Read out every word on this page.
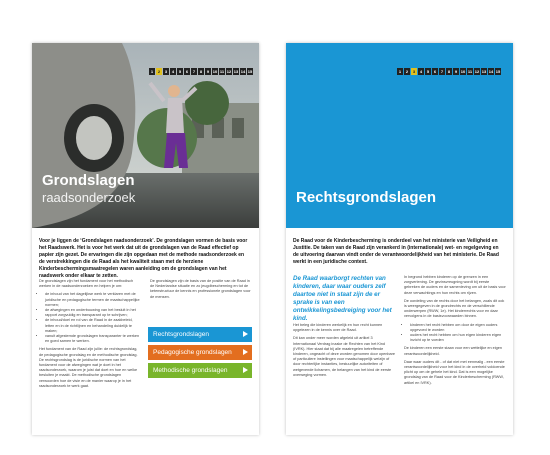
1	2	3	4	5	6	7	8	9 10 11 12 13 14 15
Grondslagen
raadsonderzoek
Voor je liggen de ‘Grondslagen raadsonderzoek’. De grondslagen vormen de basis voor het Raadswerk. Het is voor het werk dat uit de grondslagen van de Raad effectief op papier zijn gezet. De ervaringen die zijn opgedaan met de methode raadsonderzoek en de verstrekkingen die de Raad als het kwaliteit staan met de herziene Kinderbeschermingsmaatregelen waren aanleiding om de grondslagen van het raadswerk onder elkaar te zetten.

De grondslagen zijn het fundament voor het methodisch werken in de raadsonderzoeken en helpen je om:

• de inhoud van het dagelijkse werk te verklaren met de juridische en pedagogische termen de maatschappelijke normen;
• de afwegingen en onderbouwing van het besluit in het rapport zorgvuldig en transparant op te schrijven;
• de inhoud/doel en rol van de Raad in de zaakbeleid, letten en in de richtlijnen en behandeling duidelijk te maken;
• vanuit afgestemde grondslagen transparanter te werken en goed samen te werken.

Het fundament van de Raad zijn jullie: de rechtsgrondslag, de pedagogische grondslag en de methodische grondslag. De rechtsgrondslag is de juridische normen van het fundament voor de afwegingen wat je doet in het raadsonderzoek, waarom je juist dat doet en hoe en welke besluiten je maakt. De methodische grondslagen verwoorden hoe de visie en de manier waarop je in het raadsonderzoek te werk gaat.

De grondslagen zijn de basis van de positie van de Raad in de Nederlandse situatie en zo jeugdbescherming en tot de ketenstructuur de kennis en professionele grondslagen voor de mensen.

Rechtsgrondslagen
Pedagogische grondslagen
Methodische grondslagen
1	2	3	4	5	6	7	8	9 10 11 12 13 14 15
Rechtsgrondslagen
De Raad voor de Kinderbescherming is onderdeel van het ministerie van Veiligheid en Justitie. De taken van de Raad zijn verankerd in (internationale) wet- en regelgeving en de uitvoering daarvan vindt onder de verantwoordelijkheid van het ministerie. De Raad werkt in een juridische context.
De Raad waarborgt rechten van kinderen, daar waar ouders zelf daartoe niet in staat zijn de er sprake is van een ontwikkelingsbedreiging voor het kind.

Het beleg die kinderen werkelijk en hun recht kunnen opgelezen in de kennis over de Raad.

Dit kan onder meer worden afgeleid uit artikel 3 Internationaal Verdrag inzake de Rechten van het Kind (IVRK). Hier staat dat bij alle maatregelen betreffende kinderen, ongeacht of deze worden genomen door openbare of particuliere instellingen voor maatschappelijk welzijn of door rechterlijke instanties, bestuurlijke autoriteiten of wetgevende lichamen, de belangen van het kind de eerste overweging vormen.

In begrond hebben kinderen op de grenzen in een zorgverlening. De gezinsvreugning wordt bij eerste gebreken de ouders en de samenleving om uit de basis voor deze verwachtings en hun rechts om rijzen.

De oordeling van de rechts door het belangen, zoals dit ook is weergegeven in de grondrechts en de verschillende onderwerpen (RWW, 1e). Het kinderrechts voor en daar vervolgens in de basisvoorwaarden binnen.

• kinderen het recht hebben om door de eigen ouders opgevoed te worden
• ouders het recht hebben om hun eigen kinderen eigen inzicht op te voeden

De kinderen een eerste staan voor een wettelijke en eigen verantwoordelijkheid.

Daar waar ouders dit - of dat niet met eenmalig - een eerste verantwoordelijkheid voor het kind in de overheid voldoende plicht op om de gehele het kind. Dat is een mogelijke grondslag van de Raad voor de Kinderbescherming (RWW, artikel en IVRK).
